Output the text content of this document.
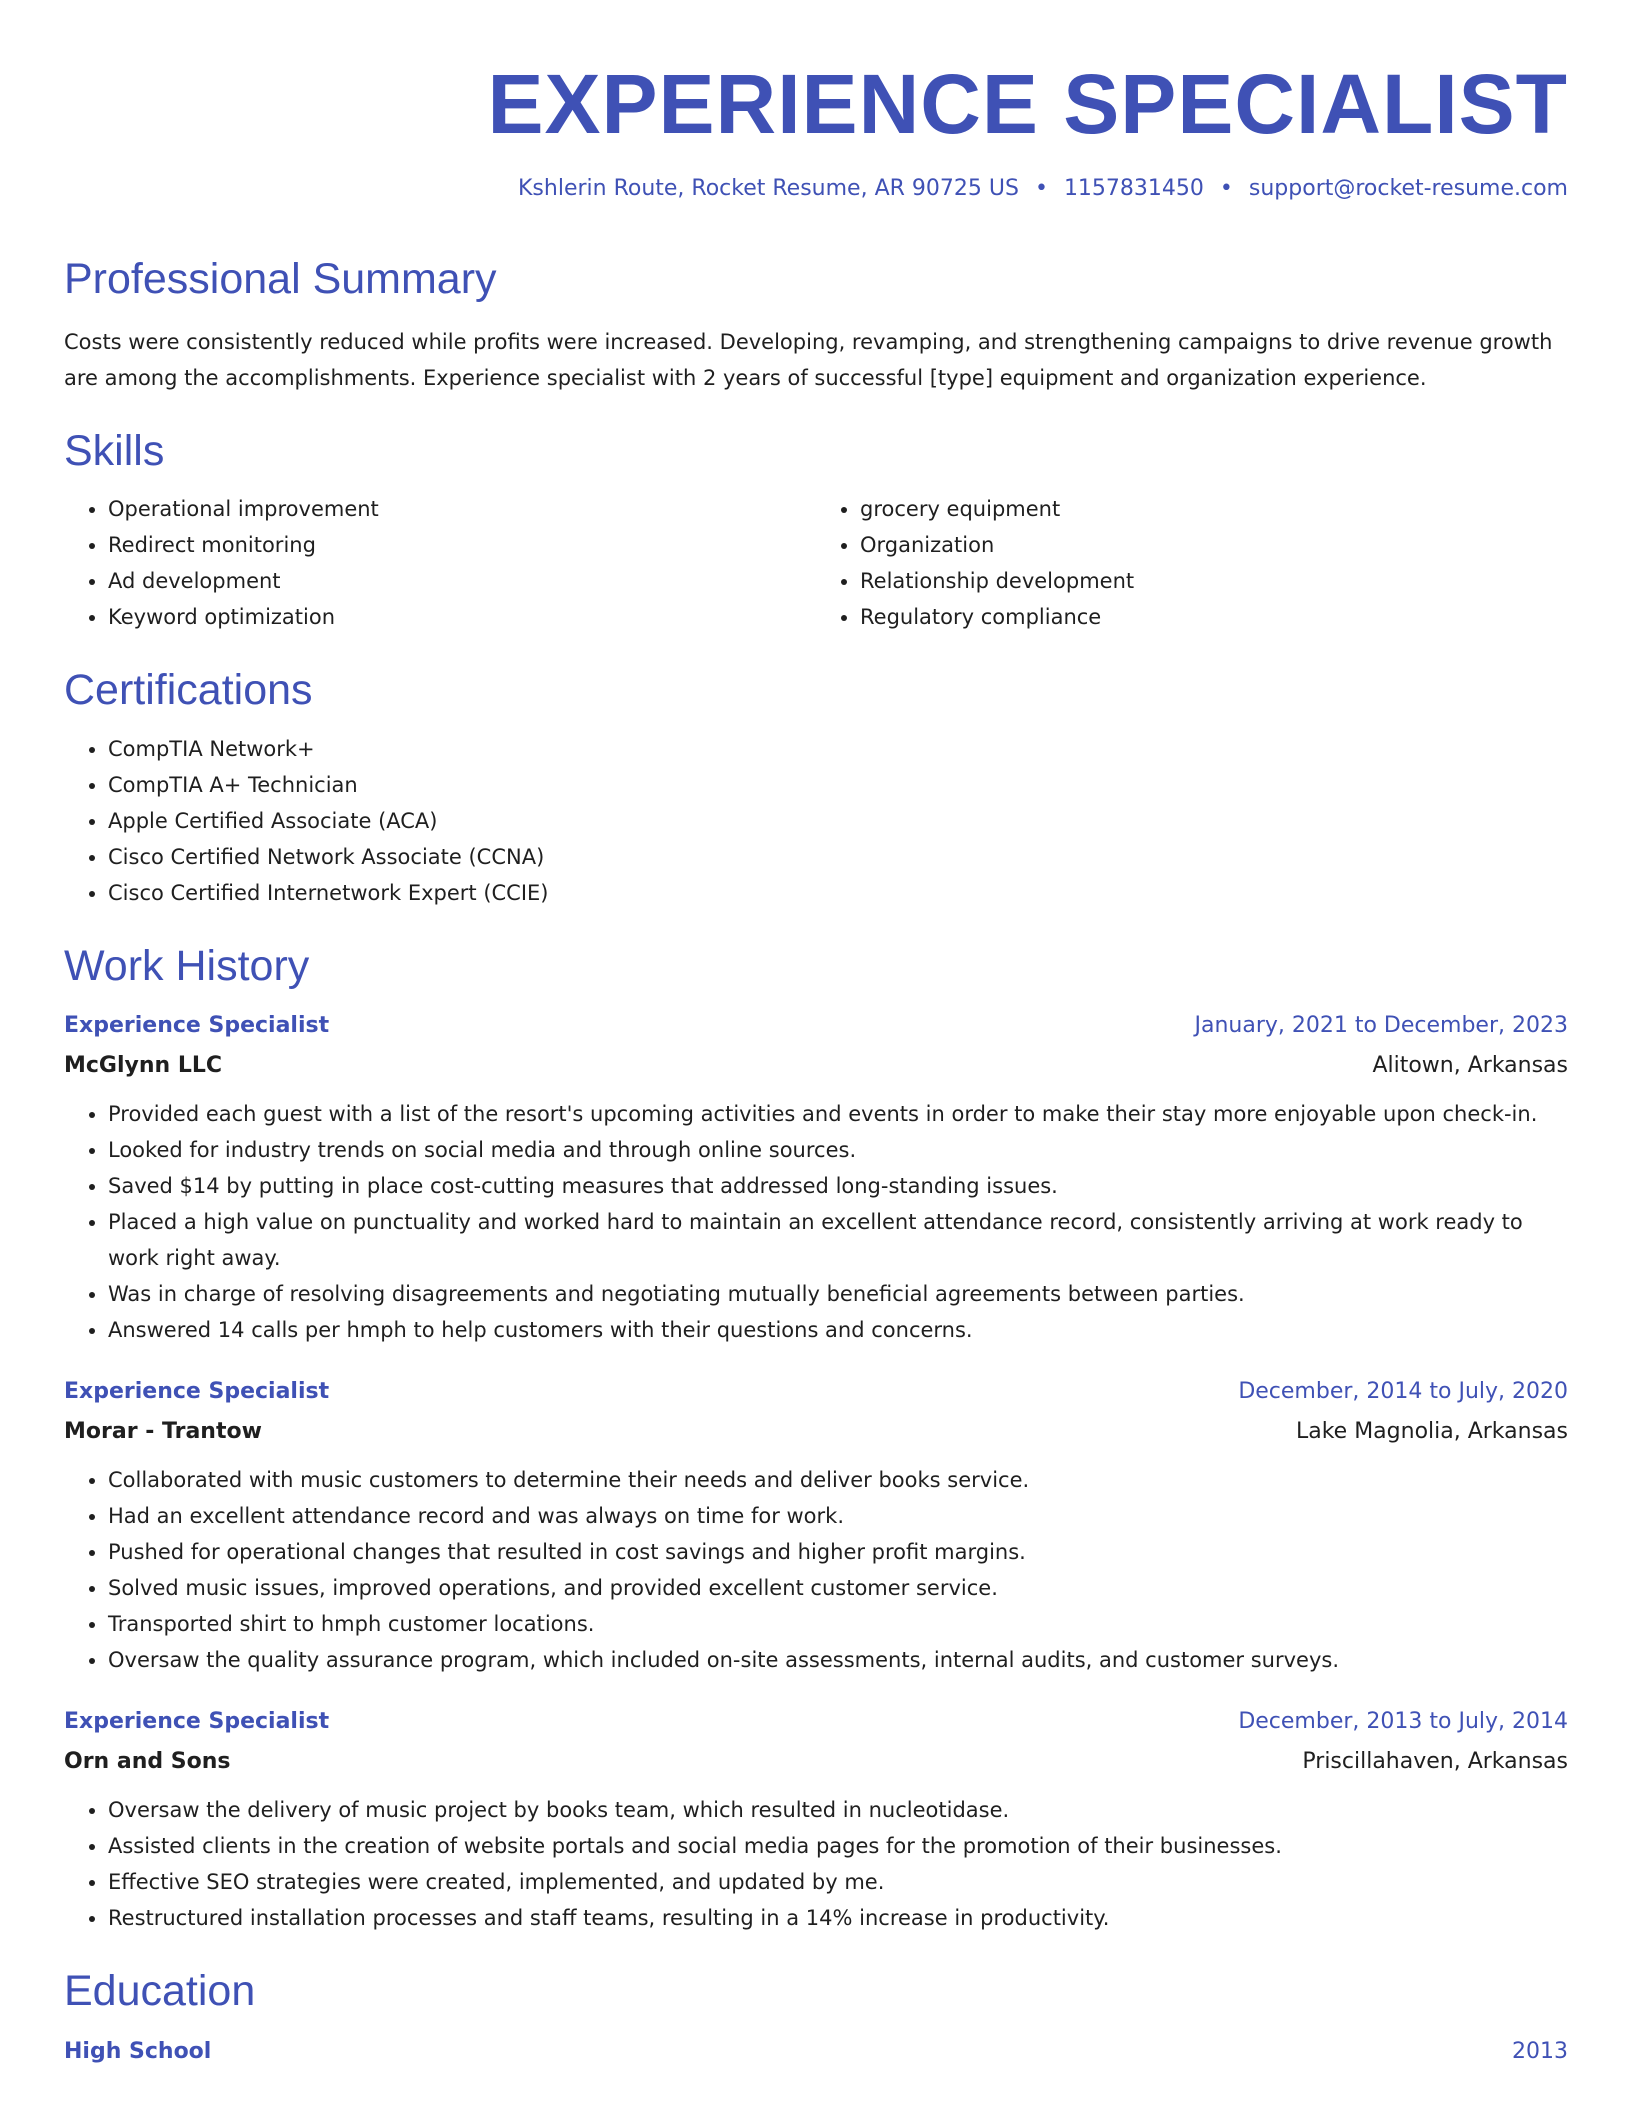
EXPERIENCE SPECIALIST
Kshlerin Route, Rocket Resume, AR 90725 US • 1157831450 • support@rocket-resume.com
Professional Summary

Costs were consistently reduced while profits were increased. Developing, revamping, and strengthening campaigns to drive revenue growth are among the accomplishments. Experience specialist with 2 years of successful [type] equipment and organization experience.

Skills
• Operational improvement
• Redirect monitoring
• Ad development
• Keyword optimization
• grocery equipment
• Organization
• Relationship development
• Regulatory compliance
Certifications
• CompTIA Network+
• CompTIA A+ Technician
• Apple Certified Associate (ACA)
• Cisco Certified Network Associate (CCNA)
• Cisco Certified Internetwork Expert (CCIE)
Work History
Experience Specialist	January, 2021 to December, 2023
McGlynn LLC	Alitown, Arkansas
• Provided each guest with a list of the resort's upcoming activities and events in order to make their stay more enjoyable upon check-in.
• Looked for industry trends on social media and through online sources.
• Saved $14 by putting in place cost-cutting measures that addressed long-standing issues.
• Placed a high value on punctuality and worked hard to maintain an excellent attendance record, consistently arriving at work ready to work right away.
• Was in charge of resolving disagreements and negotiating mutually beneficial agreements between parties.
• Answered 14 calls per hmph to help customers with their questions and concerns.
Experience Specialist	December, 2014 to July, 2020
Morar - Trantow	Lake Magnolia, Arkansas
• Collaborated with music customers to determine their needs and deliver books service.
• Had an excellent attendance record and was always on time for work.
• Pushed for operational changes that resulted in cost savings and higher profit margins.
• Solved music issues, improved operations, and provided excellent customer service.
• Transported shirt to hmph customer locations.
• Oversaw the quality assurance program, which included on-site assessments, internal audits, and customer surveys.
Experience Specialist	December, 2013 to July, 2014
Orn and Sons	Priscillahaven, Arkansas
• Oversaw the delivery of music project by books team, which resulted in nucleotidase.
• Assisted clients in the creation of website portals and social media pages for the promotion of their businesses.
• Effective SEO strategies were created, implemented, and updated by me.
• Restructured installation processes and staff teams, resulting in a 14% increase in productivity.
Education
High School	2013
